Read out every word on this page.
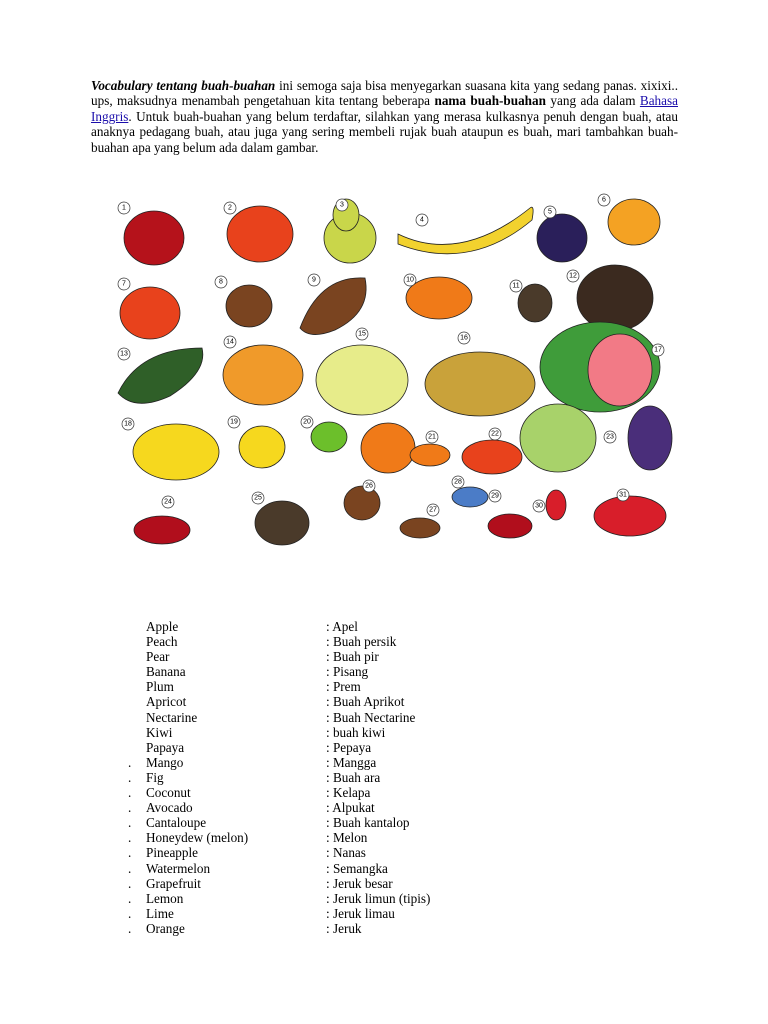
Vocabulary tentang buah-buahan ini semoga saja bisa menyegarkan suasana kita yang sedang panas. xixixi.. ups, maksudnya menambah pengetahuan kita tentang beberapa nama buah-buahan yang ada dalam Bahasa Inggris. Untuk buah-buahan yang belum terdaftar, silahkan yang merasa kulkasnya penuh dengan buah, atau anaknya pedagang buah, atau juga yang sering membeli rujak buah ataupun es buah, mari tambahkan buah-buahan apa yang belum ada dalam gambar.

1	2	3
4
5
6
7	8	9	10
11
12
13
14
15
16
17
18	19	20
21	22	23
24
25
26
27
28
29
30
31
Apple	: Apel
Peach	: Buah persik
Pear	: Buah pir
Banana	: Pisang
Plum	: Prem
Apricot	: Buah Aprikot
Nectarine	: Buah Nectarine
Kiwi	: buah kiwi
Papaya	: Pepaya
.	Mango	: Mangga
.	Fig	: Buah ara
.	Coconut	: Kelapa
.	Avocado	: Alpukat
.	Cantaloupe	: Buah kantalop
.	Honeydew (melon)	: Melon
.	Pineapple	: Nanas
.	Watermelon	: Semangka
.	Grapefruit	: Jeruk besar
.	Lemon	: Jeruk limun (tipis)
.	Lime	: Jeruk limau
.	Orange	: Jeruk
